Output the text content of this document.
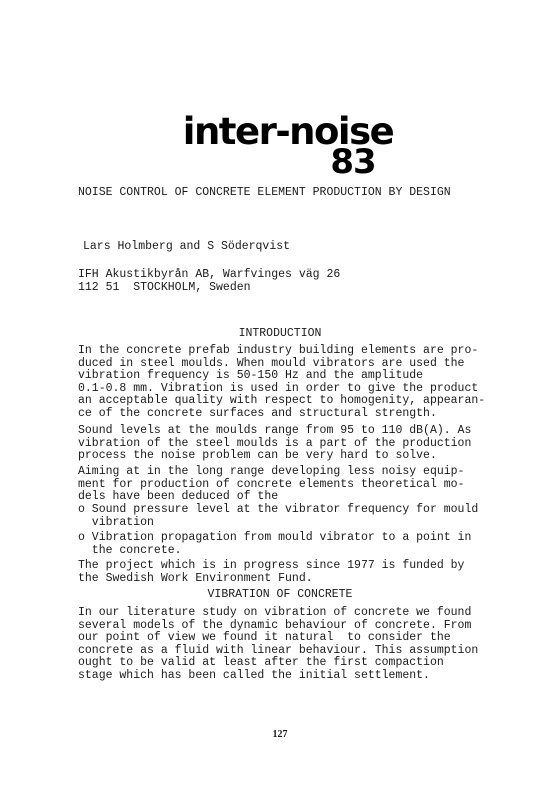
inter-noise
83
NOISE CONTROL OF CONCRETE ELEMENT PRODUCTION BY DESIGN
Lars Holmberg and S Söderqvist
IFH Akustikbyrån AB, Warfvinges väg 26
112 51  STOCKHOLM, Sweden
INTRODUCTION
In the concrete prefab industry building elements are pro-
duced in steel moulds. When mould vibrators are used the
vibration frequency is 50-150 Hz and the amplitude
0.1-0.8 mm. Vibration is used in order to give the product
an acceptable quality with respect to homogenity, appearan-
ce of the concrete surfaces and structural strength.
Sound levels at the moulds range from 95 to 110 dB(A). As
vibration of the steel moulds is a part of the production
process the noise problem can be very hard to solve.
Aiming at in the long range developing less noisy equip-
ment for production of concrete elements theoretical mo-
dels have been deduced of the
o Sound pressure level at the vibrator frequency for mould
vibration
o Vibration propagation from mould vibrator to a point in
the concrete.
The project which is in progress since 1977 is funded by
the Swedish Work Environment Fund.
VIBRATION OF CONCRETE
In our literature study on vibration of concrete we found
several models of the dynamic behaviour of concrete. From
our point of view we found it natural  to consider the
concrete as a fluid with linear behaviour. This assumption
ought to be valid at least after the first compaction
stage which has been called the initial settlement.
127
